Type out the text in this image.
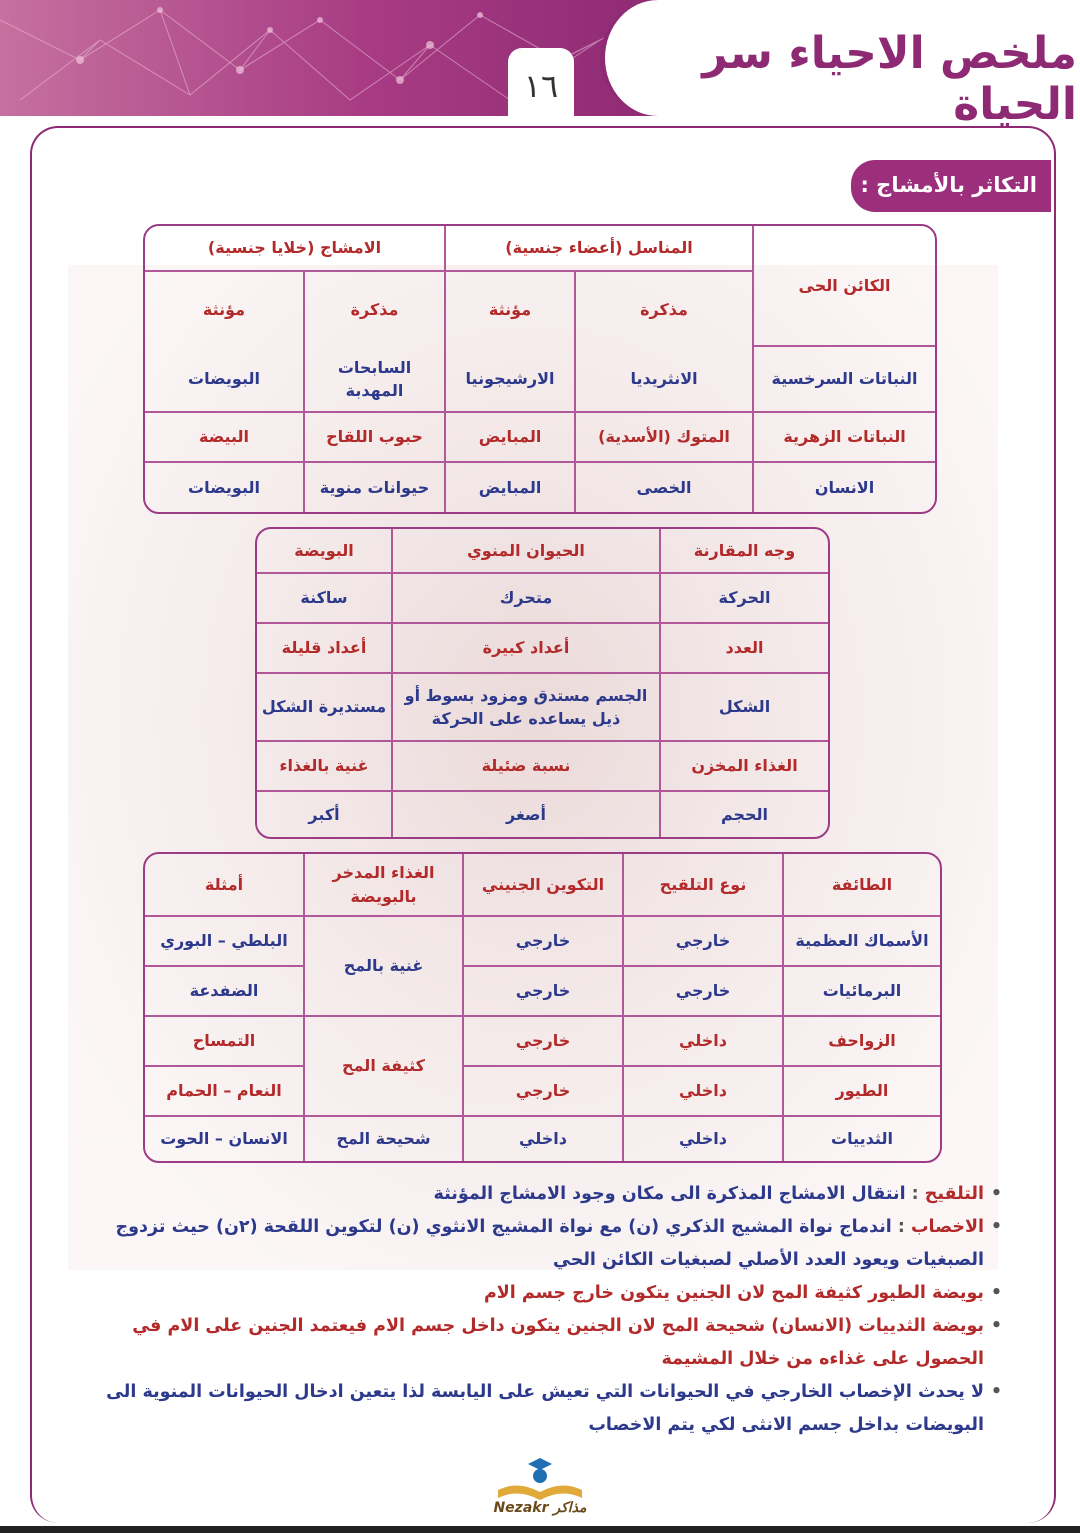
ملخص الاحياء سر الحياة
١٦
التكاثر بالأمشاج :
الكائن الحى	المناسل (أعضاء جنسية)		الامشاج (خلايا جنسية)	
	مذكرة	مؤنثة	مذكرة	مؤنثة
النباتات السرخسية	الانثريديا	الارشيجونيا	السابحات المهدبة	البويضات
النباتات الزهرية	المتوك (الأسدية)	المبايض	حبوب اللقاح	البيضة
الانسان	الخصى	المبايض	حيوانات منوية	البويضات
وجه المقارنة	الحيوان المنوي	البويضة
الحركة	متحرك	ساكنة
العدد	أعداد كبيرة	أعداد قليلة
الشكل	الجسم مستدق ومزود بسوط أو ذيل يساعده على الحركة	مستديرة الشكل
الغذاء المخزن	نسبة ضئيلة	غنية بالغذاء
الحجم	أصغر	أكبر
الطائفة	نوع التلقيح	التكوين الجنيني	الغذاء المدخر بالبويضة	أمثلة
الأسماك العظمية	خارجي	خارجي	غنية بالمح	البلطي – البوري
البرمائيات	خارجي	خارجي		الضفدعة
الزواحف	داخلي	خارجي	كثيفة المح	التمساح
الطيور	داخلي	خارجي		النعام – الحمام
الثدييات	داخلي	داخلي	شحيحة المح	الانسان – الحوت

• التلقيح : انتقال الامشاج المذكرة الى مكان وجود الامشاج المؤنثة

• الاخصاب : اندماج نواة المشيج الذكري (ن) مع نواة المشيج الانثوي (ن) لتكوين اللقحة (٢ن) حيث تزدوج الصبغيات ويعود العدد الأصلي لصبغيات الكائن الحي

• بويضة الطيور كثيفة المح لان الجنين يتكون خارج جسم الام

• بويضة الثدييات (الانسان) شحيحة المح لان الجنين يتكون داخل جسم الام فيعتمد الجنين على الام في الحصول على غذاءه من خلال المشيمة

• لا يحدث الإخصاب الخارجي في الحيوانات التي تعيش على اليابسة لذا يتعين ادخال الحيوانات المنوية الى البويضات بداخل جسم الانثى لكي يتم الاخصاب

Nezakr مذاكر
